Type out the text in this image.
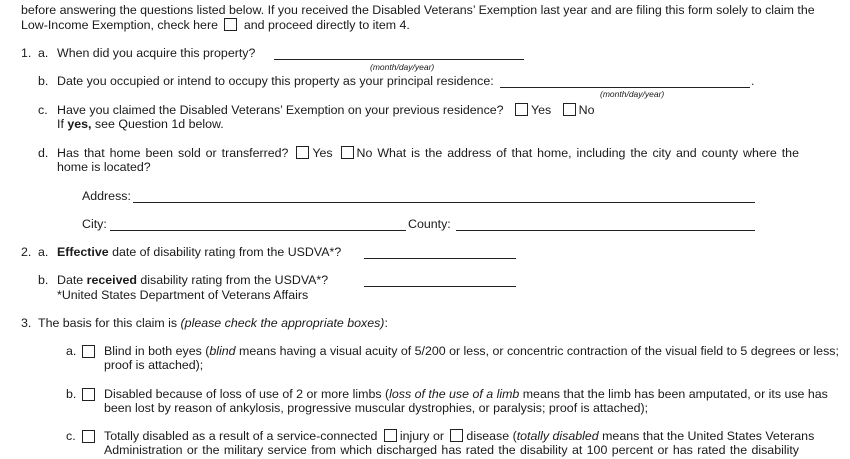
before answering the questions listed below. If you received the Disabled Veterans’ Exemption last year and are filing this form solely to claim the
Low-Income Exemption, check here and proceed directly to item 4.
1. a. When did you acquire this property?
(month/day/year)
b. Date you occupied or intend to occupy this property as your principal residence:	.
(month/day/year)
c. Have you claimed the Disabled Veterans’ Exemption on your previous residence? Yes No
If yes, see Question 1d below.
d. Has that home been sold or transferred? Yes No What is the address of that home, including the city and county where the
home is located?
Address:
City:	County:
2. a. Effective date of disability rating from the USDVA*?
b. Date received disability rating from the USDVA*?
*United States Department of Veterans Affairs
3. The basis for this claim is (please check the appropriate boxes):
a. Blind in both eyes (blind means having a visual acuity of 5/200 or less, or concentric contraction of the visual field to 5 degrees or less;
proof is attached);
b. Disabled because of loss of use of 2 or more limbs (loss of the use of a limb means that the limb has been amputated, or its use has
been lost by reason of ankylosis, progressive muscular dystrophies, or paralysis; proof is attached);
c. Totally disabled as a result of a service-connected injury or disease (totally disabled means that the United States Veterans
Administration or the military service from which discharged has rated the disability at 100 percent or has rated the disability
